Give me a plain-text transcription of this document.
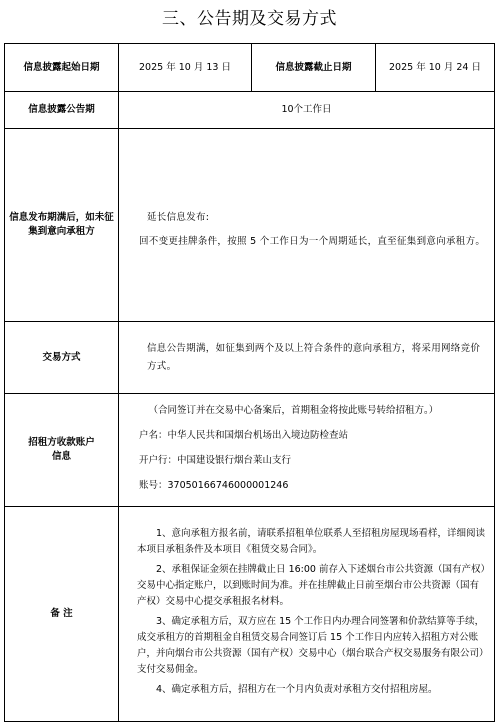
三、公告期及交易方式
信息披露起始日期	2025 年 10 月 13 日	信息披露截止日期	2025 年 10 月 24 日
信息披露公告期	10个工作日		
信息发布期满后，如未征集到意向承租方	延长信息发布:

回不变更挂牌条件，按照 5 个工作日为一个周期延长，直至征集到意向承租方。		

交易方式	信息公告期满，如征集到两个及以上符合条件的意向承租方，将采用网络竞价方式。		
招租方收款账户信息	（合同签订并在交易中心备案后，首期租金将按此账号转给招租方。）

户名：中华人民共和国烟台机场出入境边防检查站

开户行：中国建设银行烟台莱山支行

账号：37050166746000001246		

备 注	1、意向承租方报名前，请联系招租单位联系人至招租房屋现场看样，详细阅读本项目承租条件及本项目《租赁交易合同》。

2、承租保证金须在挂牌截止日 16:00 前存入下述烟台市公共资源（国有产权）交易中心指定账户，以到账时间为准。并在挂牌截止日前至烟台市公共资源（国有产权）交易中心提交承租报名材料。

3、确定承租方后，双方应在 15 个工作日内办理合同签署和价款结算等手续，成交承租方的首期租金自租赁交易合同签订后 15 个工作日内应转入招租方对公账户，并向烟台市公共资源（国有产权）交易中心（烟台联合产权交易服务有限公司）支付交易佣金。

4、确定承租方后，招租方在一个月内负责对承租方交付招租房屋。		
